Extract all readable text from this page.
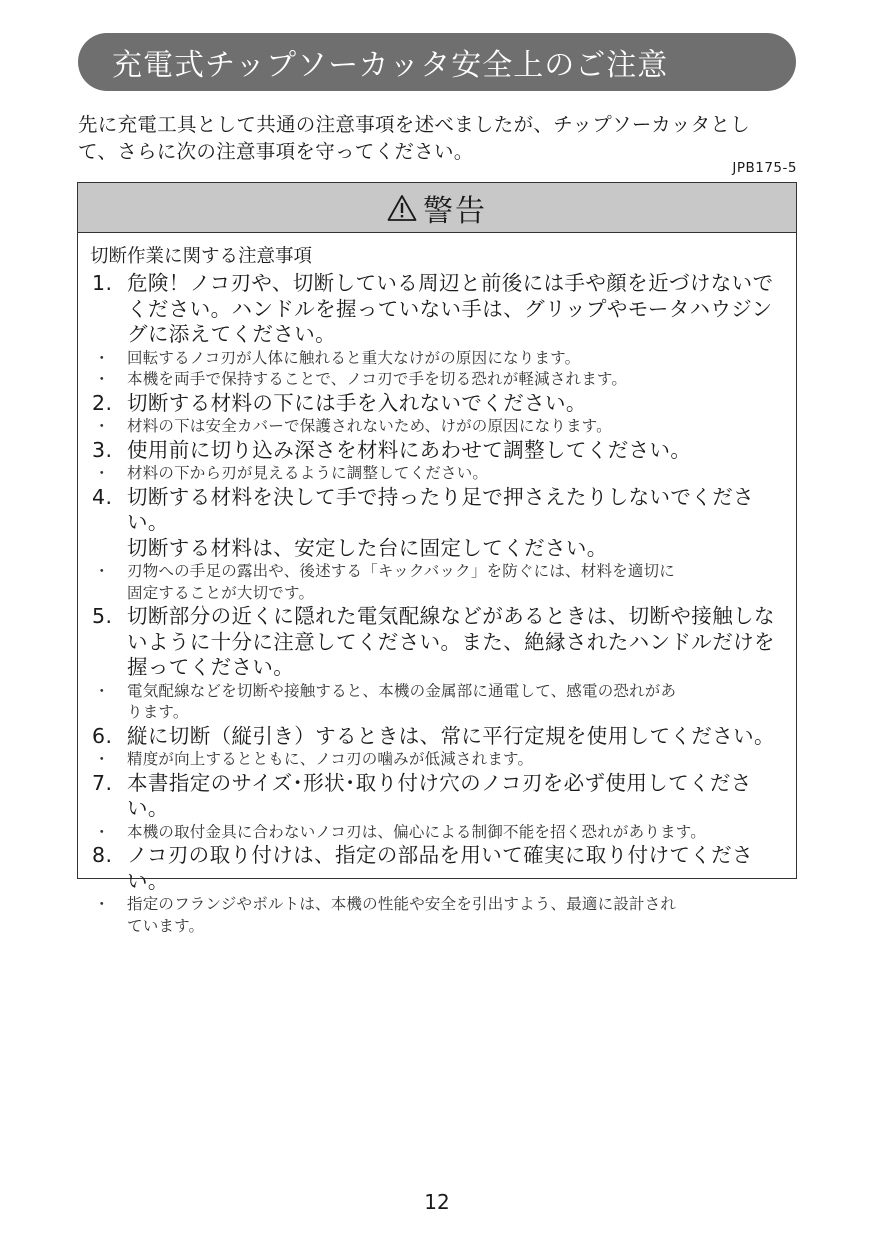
充電式チップソーカッタ安全上のご注意
先に充電工具として共通の注意事項を述べましたが、チップソーカッタとし
て、さらに次の注意事項を守ってください。
JPB175-5
警告
切断作業に関する注意事項
1. 危険！ノコ刃や、切断している周辺と前後には手や顔を近づけないで
ください。ハンドルを握っていない手は、グリップやモータハウジン
グに添えてください。
・	回転するノコ刃が人体に触れると重大なけがの原因になります。
・	本機を両手で保持することで、ノコ刃で手を切る恐れが軽減されます。
2. 切断する材料の下には手を入れないでください。
・	材料の下は安全カバーで保護されないため、けがの原因になります。
3. 使用前に切り込み深さを材料にあわせて調整してください。
・	材料の下から刃が見えるように調整してください。
4. 切断する材料を決して手で持ったり足で押さえたりしないでください。
切断する材料は、安定した台に固定してください。
・	刃物への手足の露出や、後述する「キックバック」を防ぐには、材料を適切に
固定することが大切です。
5. 切断部分の近くに隠れた電気配線などがあるときは、切断や接触しな
いように十分に注意してください。また、絶縁されたハンドルだけを
握ってください。
・	電気配線などを切断や接触すると、本機の金属部に通電して、感電の恐れがあ
ります。
6. 縦に切断（縦引き）するときは、常に平行定規を使用してください。
・	精度が向上するとともに、ノコ刃の噛みが低減されます。
7. 本書指定のサイズ･形状･取り付け穴のノコ刃を必ず使用してください。
・	本機の取付金具に合わないノコ刃は、偏心による制御不能を招く恐れがあります。
8. ノコ刃の取り付けは、指定の部品を用いて確実に取り付けてください。
・	指定のフランジやボルトは、本機の性能や安全を引出すよう、最適に設計され
ています。
12
